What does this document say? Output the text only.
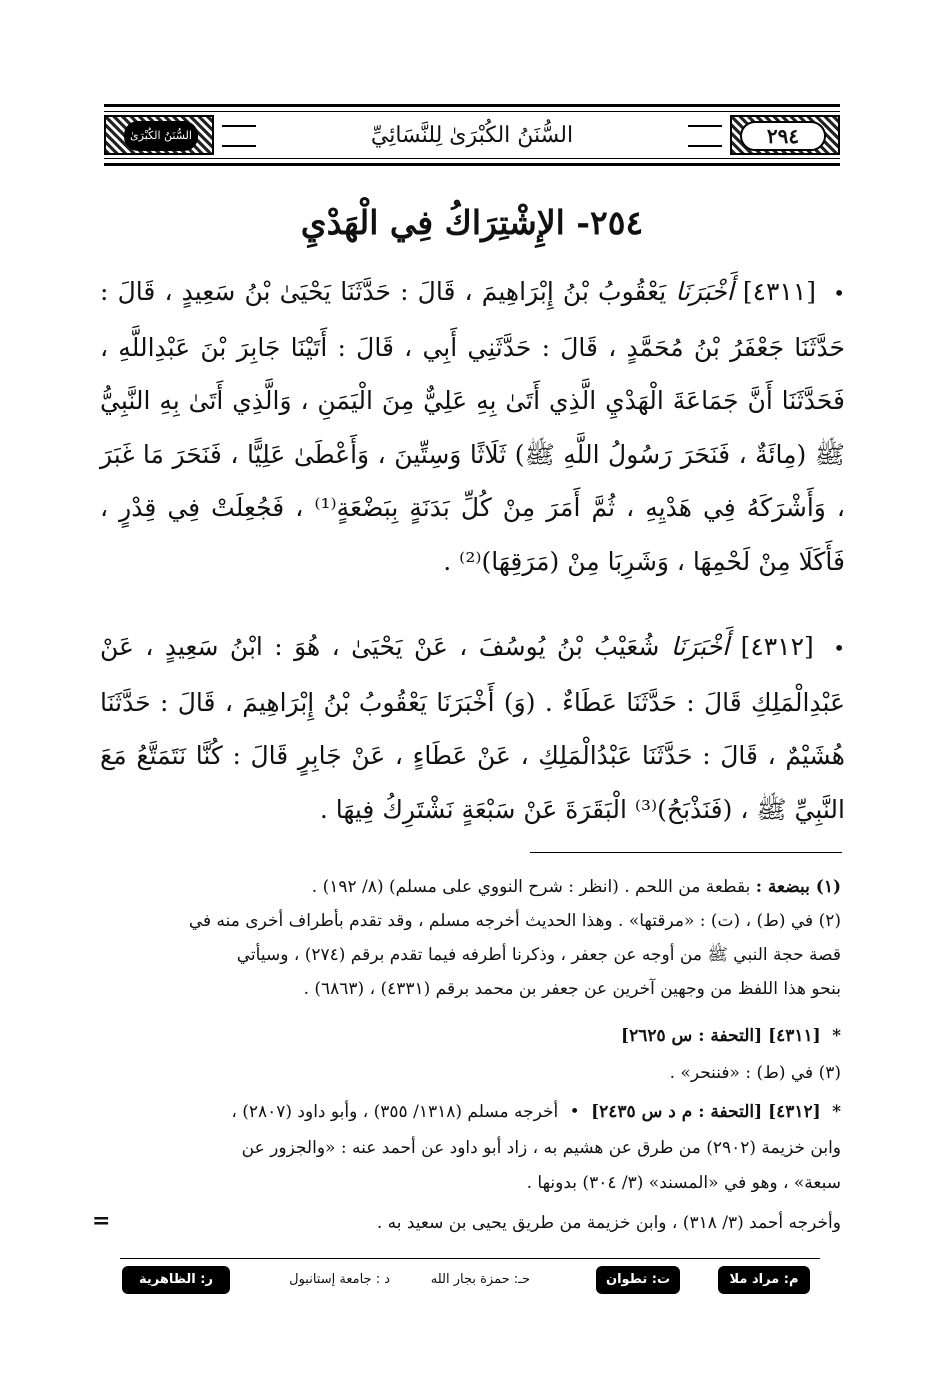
السُّنَنُ الكُبْرَىٰ	السُّنَنُ الكُبْرَىٰ لِلنَّسَائِيِّ	٢٩٤
٢٥٤- الإِشْتِرَاكُ فِي الْهَدْيِ
• [٤٣١١] أَخْبَرَنَا يَعْقُوبُ بْنُ إِبْرَاهِيمَ ، قَالَ : حَدَّثَنَا يَحْيَىٰ بْنُ سَعِيدٍ ، قَالَ : حَدَّثَنَا جَعْفَرُ بْنُ مُحَمَّدٍ ، قَالَ : حَدَّثَنِي أَبِي ، قَالَ : أَتَيْنَا جَابِرَ بْنَ عَبْدِاللَّهِ ، فَحَدَّثَنَا أَنَّ جَمَاعَةَ الْهَدْيِ الَّذِي أَتَىٰ بِهِ عَلِيٌّ مِنَ الْيَمَنِ ، وَالَّذِي أَتَىٰ بِهِ النَّبِيُّ ﷺ (مِائَةٌ ، فَنَحَرَ رَسُولُ اللَّهِ ﷺ) ثَلَاثًا وَسِتِّينَ ، وَأَعْطَىٰ عَلِيًّا ، فَنَحَرَ مَا غَبَرَ ، وَأَشْرَكَهُ فِي هَدْيِهِ ، ثُمَّ أَمَرَ مِنْ كُلِّ بَدَنَةٍ بِبَضْعَةٍ⁽¹⁾ ، فَجُعِلَتْ فِي قِدْرٍ ، فَأَكَلَا مِنْ لَحْمِهَا ، وَشَرِبَا مِنْ (مَرَقِهَا)⁽²⁾ .
• [٤٣١٢] أَخْبَرَنَا شُعَيْبُ بْنُ يُوسُفَ ، عَنْ يَحْيَىٰ ، هُوَ : ابْنُ سَعِيدٍ ، عَنْ عَبْدِالْمَلِكِ قَالَ : حَدَّثَنَا عَطَاءٌ . (وَ) أَخْبَرَنَا يَعْقُوبُ بْنُ إِبْرَاهِيمَ ، قَالَ : حَدَّثَنَا هُشَيْمٌ ، قَالَ : حَدَّثَنَا عَبْدُالْمَلِكِ ، عَنْ عَطَاءٍ ، عَنْ جَابِرٍ قَالَ : كُنَّا نَتَمَتَّعُ مَعَ النَّبِيِّ ﷺ ، (فَنَذْبَحُ)⁽³⁾ الْبَقَرَةَ عَنْ سَبْعَةٍ نَشْتَرِكُ فِيهَا .
(١) ببضعة : بقطعة من اللحم . (انظر : شرح النووي على مسلم) (٨/ ١٩٢) .
(٢) في (ط) ، (ت) : «مرقتها» . وهذا الحديث أخرجه مسلم ، وقد تقدم بأطراف أخرى منه في
قصة حجة النبي ﷺ من أوجه عن جعفر ، وذكرنا أطرفه فيما تقدم برقم (٢٧٤) ، وسيأتي
بنحو هذا اللفظ من وجهين آخرين عن جعفر بن محمد برقم (٤٣٣١) ، (٦٨٦٣) .
* [٤٣١١] [التحفة : س ٢٦٢٥]
(٣) في (ط) : «فننحر» .
* [٤٣١٢] [التحفة : م د س ٢٤٣٥] • أخرجه مسلم (١٣١٨/ ٣٥٥) ، وأبو داود (٢٨٠٧) ،
وابن خزيمة (٢٩٠٢) من طرق عن هشيم به ، زاد أبو داود عن أحمد عنه : «والجزور عن
سبعة» ، وهو في «المسند» (٣/ ٣٠٤) بدونها .
وأخرجه أحمد (٣/ ٣١٨) ، وابن خزيمة من طريق يحيى بن سعيد به .
=
م: مراد ملا
ت: تطوان
حـ: حمزة بجار الله
د : جامعة إستانبول
ر: الظاهرية
